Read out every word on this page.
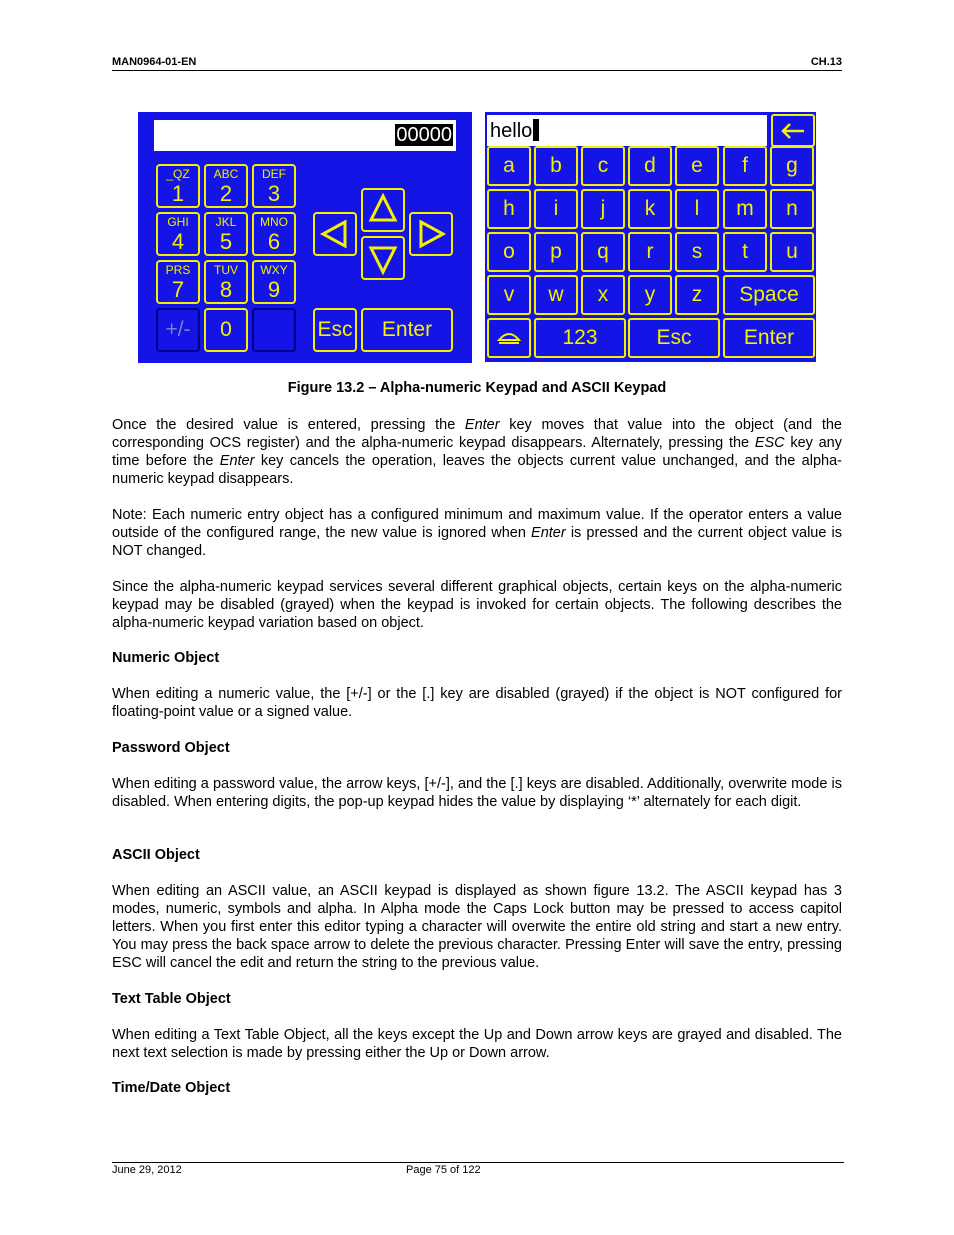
MAN0964-01-EN	CH.13
00000
_QZ
1
ABC
2
DEF
3
GHI
4
JKL
5
MNO
6
PRS
7
TUV
8
WXY
9
+/-	0	Esc	Enter
hello
a b c d e f g
h i j k l m n
o p q r s t u
v w x y z Space
123	Esc Enter
Figure 13.2 – Alpha-numeric Keypad and ASCII Keypad
Once the desired value is entered, pressing the Enter key moves that value into the object (and the corresponding OCS register) and the alpha-numeric keypad disappears. Alternately, pressing the ESC key any time before the Enter key cancels the operation, leaves the objects current value unchanged, and the alpha-numeric keypad disappears.
Note: Each numeric entry object has a configured minimum and maximum value. If the operator enters a value outside of the configured range, the new value is ignored when Enter is pressed and the current object value is NOT changed.
Since the alpha-numeric keypad services several different graphical objects, certain keys on the alpha-numeric keypad may be disabled (grayed) when the keypad is invoked for certain objects. The following describes the alpha-numeric keypad variation based on object.
Numeric Object
When editing a numeric value, the [+/-] or the [.] key are disabled (grayed) if the object is NOT configured for floating-point value or a signed value.
Password Object
When editing a password value, the arrow keys, [+/-], and the [.] keys are disabled. Additionally, overwrite mode is disabled. When entering digits, the pop-up keypad hides the value by displaying ‘*’ alternately for each digit.
ASCII Object
When editing an ASCII value, an ASCII keypad is displayed as shown figure 13.2. The ASCII keypad has 3 modes, numeric, symbols and alpha. In Alpha mode the Caps Lock button may be pressed to access capitol letters. When you first enter this editor typing a character will overwite the entire old string and start a new entry. You may press the back space arrow to delete the previous character. Pressing Enter will save the entry, pressing ESC will cancel the edit and return the string to the previous value.
Text Table Object
When editing a Text Table Object, all the keys except the Up and Down arrow keys are grayed and disabled. The next text selection is made by pressing either the Up or Down arrow.
Time/Date Object
June 29, 2012	Page 75 of 122
